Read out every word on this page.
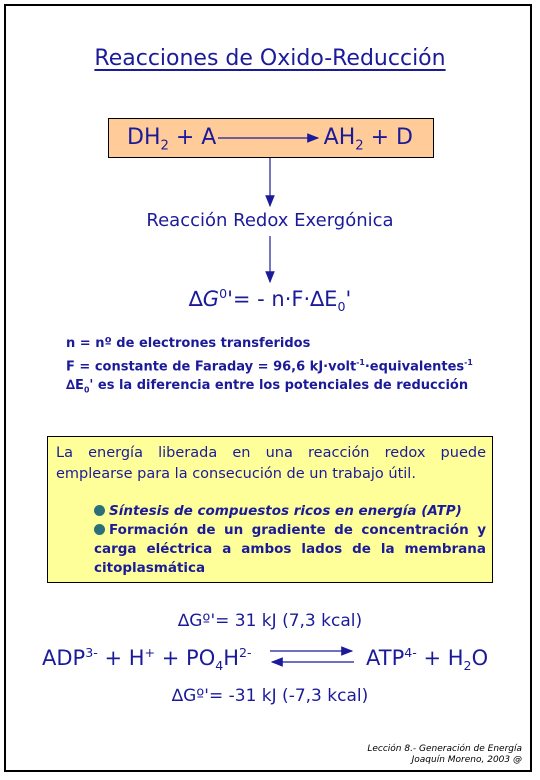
Reacciones de Oxido-Reducción
$DH_2 + A$	$AH_2 + D$
Reacción Redox Exergónica
$\Delta G^0'= - n\cdot F\cdot\Delta E_0'$
n = nº de electrones transferidos
F = constante de Faraday = 96,6 kJ·volt$^{-1}$·equivalentes$^{-1}$
$\Delta E_0'$ es la diferencia entre los potenciales de reducción
La energía liberada en una reacción redox puede emplearse para la consecución de un trabajo útil.
Síntesis de compuestos ricos en energía (ATP)
Formación de un gradiente de concentración y carga eléctrica a ambos lados de la membrana citoplasmática
∆Gº'= 31 kJ (7,3 kcal)
$ADP^{3-} + H^+ + PO_4H^{2-}$	$ATP^{4-} + H_2O$
∆Gº'= -31 kJ (-7,3 kcal)
Lección 8.- Generación de Energía
Joaquín Moreno, 2003 @
